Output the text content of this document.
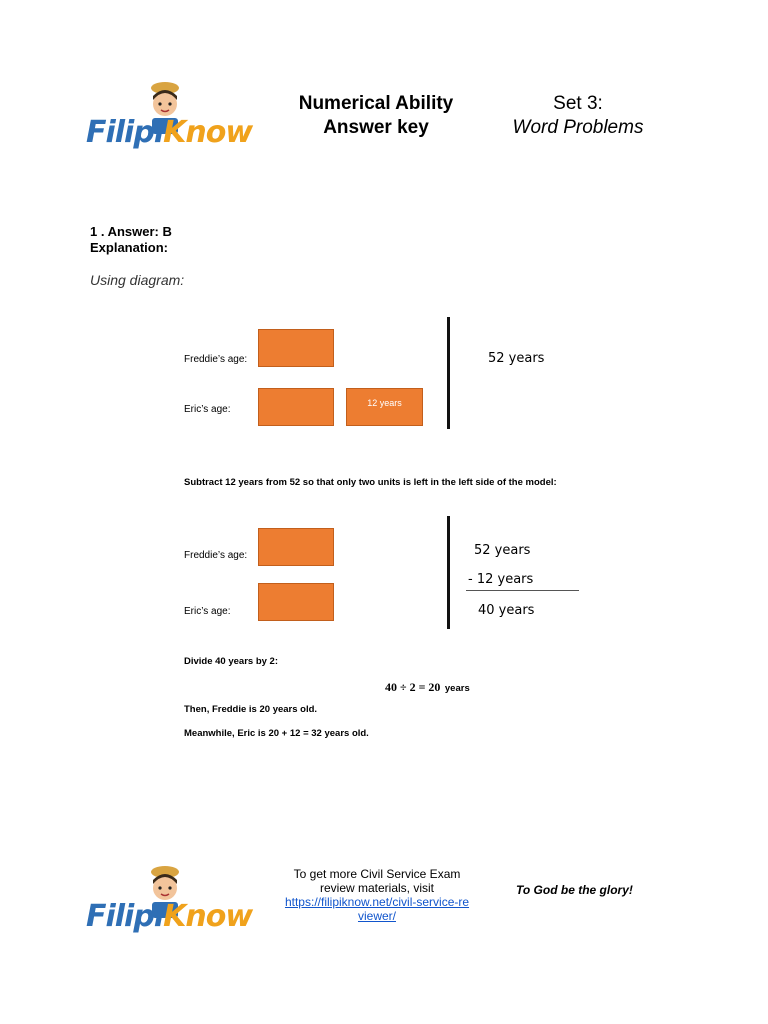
FilipiKnow
Numerical Ability
Answer key
Set 3:
Word Problems
1 . Answer: B
Explanation:
Using diagram:
Freddie’s age:
Eric’s age:
12 years
52 years
Subtract 12 years from 52 so that only two units is left in the left side of the model:
Freddie’s age:
Eric’s age:
52 years
- 12 years
40 years
Divide 40 years by 2:
40 ÷ 2 = 20 years
Then, Freddie is 20 years old.
Meanwhile, Eric is 20 + 12 = 32 years old.
FilipiKnow
To get more Civil Service Exam
review materials, visit
https://filipiknow.net/civil-service-reviewer/
To God be the glory!
